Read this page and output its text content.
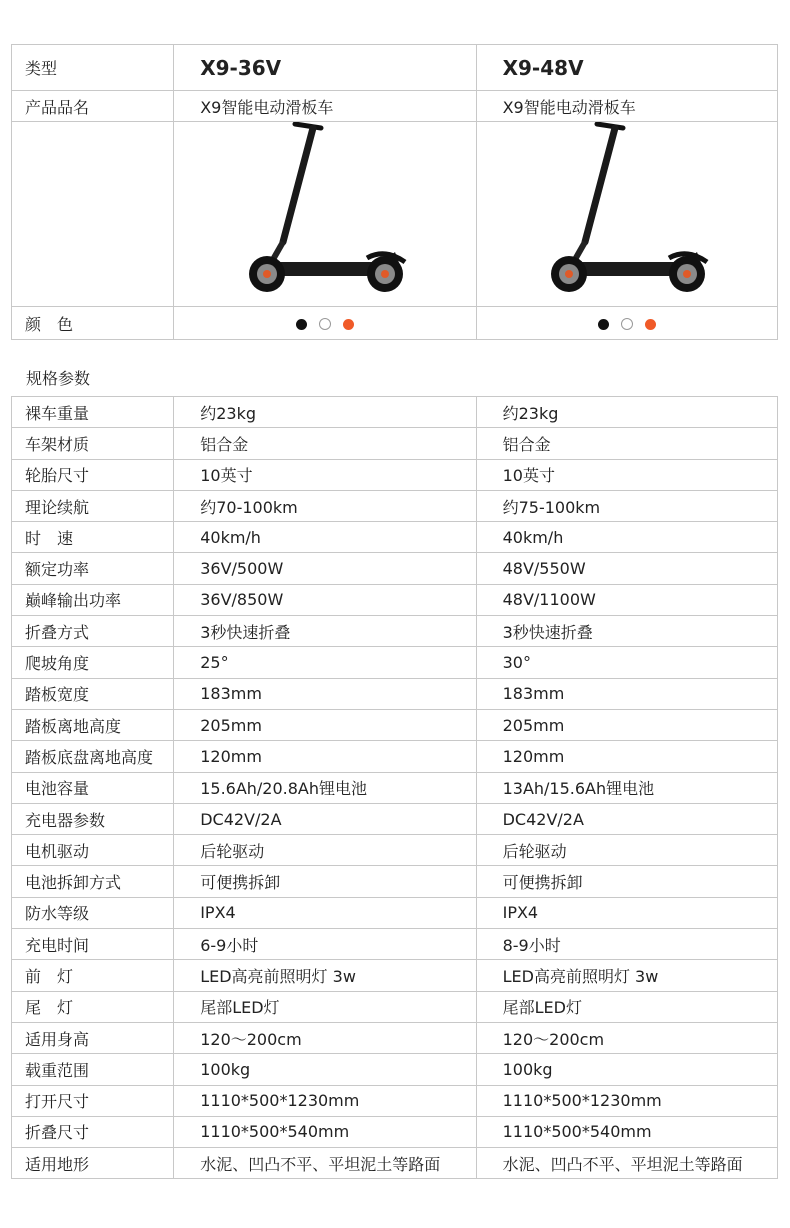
类型	X9-36V	X9-48V
产品品名	X9智能电动滑板车	X9智能电动滑板车

颜　色		
规格参数
裸车重量	约23kg	约23kg
车架材质	铝合金	铝合金
轮胎尺寸	10英寸	10英寸
理论续航	约70-100km	约75-100km
时　速	40km/h	40km/h
额定功率	36V/500W	48V/550W
巅峰输出功率	36V/850W	48V/1100W
折叠方式	3秒快速折叠	3秒快速折叠
爬坡角度	25°	30°
踏板宽度	183mm	183mm
踏板离地高度	205mm	205mm
踏板底盘离地高度	120mm	120mm
电池容量	15.6Ah/20.8Ah锂电池	13Ah/15.6Ah锂电池
充电器参数	DC42V/2A	DC42V/2A
电机驱动	后轮驱动	后轮驱动
电池拆卸方式	可便携拆卸	可便携拆卸
防水等级	IPX4	IPX4
充电时间	6-9小时	8-9小时
前　灯	LED高亮前照明灯 3w	LED高亮前照明灯 3w
尾　灯	尾部LED灯	尾部LED灯
适用身高	120～200cm	120～200cm
载重范围	100kg	100kg
打开尺寸	1110*500*1230mm	1110*500*1230mm
折叠尺寸	1110*500*540mm	1110*500*540mm
适用地形	水泥、凹凸不平、平坦泥土等路面	水泥、凹凸不平、平坦泥土等路面
